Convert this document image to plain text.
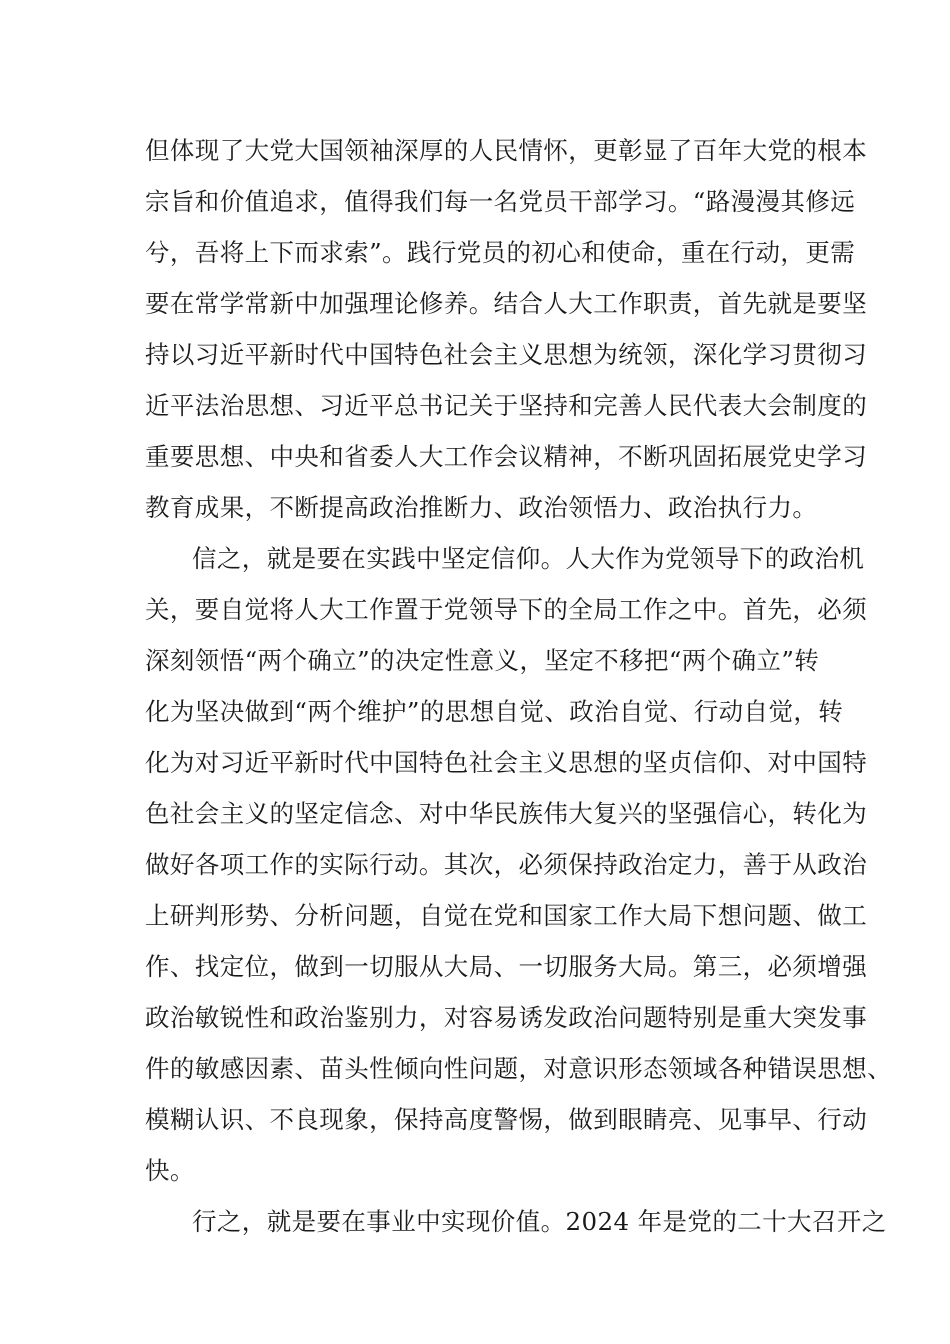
但体现了大党大国领袖深厚的人民情怀，更彰显了百年大党的根本
宗旨和价值追求，值得我们每一名党员干部学习。“路漫漫其修远
兮，吾将上下而求索”。践行党员的初心和使命，重在行动，更需
要在常学常新中加强理论修养。结合人大工作职责，首先就是要坚
持以习近平新时代中国特色社会主义思想为统领，深化学习贯彻习
近平法治思想、习近平总书记关于坚持和完善人民代表大会制度的
重要思想、中央和省委人大工作会议精神，不断巩固拓展党史学习
教育成果，不断提高政治推断力、政治领悟力、政治执行力。
信之，就是要在实践中坚定信仰。人大作为党领导下的政治机
关，要自觉将人大工作置于党领导下的全局工作之中。首先，必须
深刻领悟“两个确立”的决定性意义，坚定不移把“两个确立”转
化为坚决做到“两个维护”的思想自觉、政治自觉、行动自觉，转
化为对习近平新时代中国特色社会主义思想的坚贞信仰、对中国特
色社会主义的坚定信念、对中华民族伟大复兴的坚强信心，转化为
做好各项工作的实际行动。其次，必须保持政治定力，善于从政治
上研判形势、分析问题，自觉在党和国家工作大局下想问题、做工
作、找定位，做到一切服从大局、一切服务大局。第三，必须增强
政治敏锐性和政治鉴别力，对容易诱发政治问题特别是重大突发事
件的敏感因素、苗头性倾向性问题，对意识形态领域各种错误思想、
模糊认识、不良现象，保持高度警惕，做到眼睛亮、见事早、行动
快。
行之，就是要在事业中实现价值。2024 年是党的二十大召开之
